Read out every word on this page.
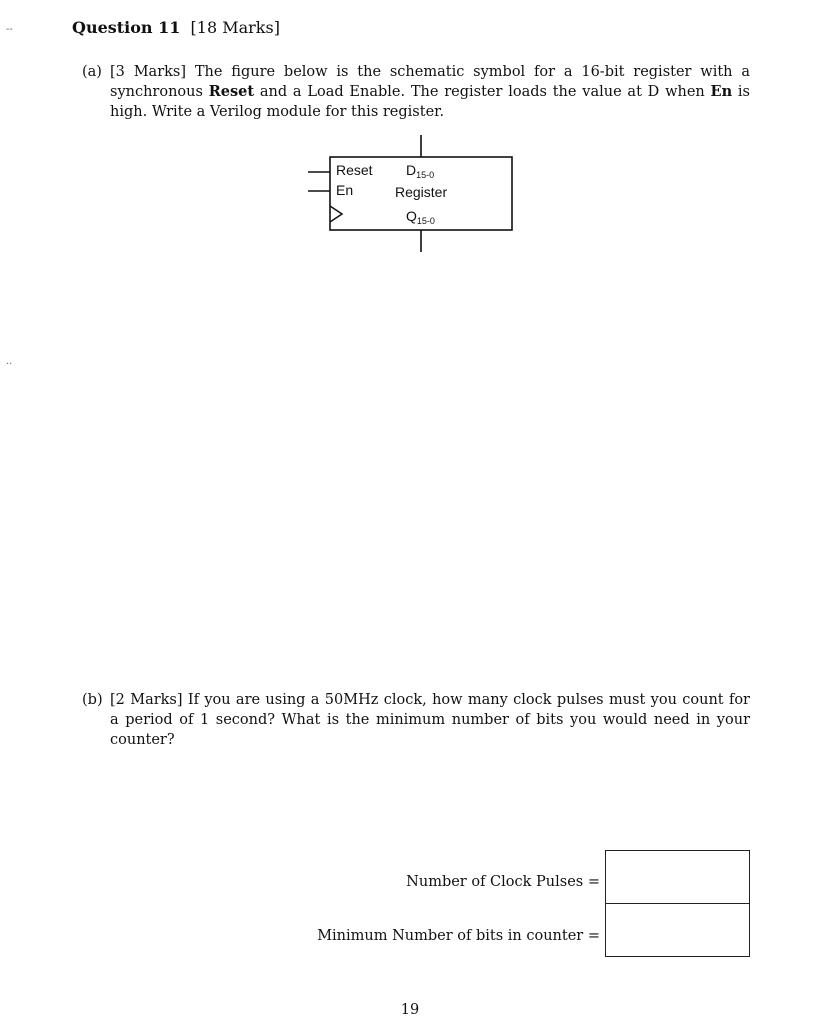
--
..
Question 11 [18 Marks]
(a) [3 Marks] The figure below is the schematic symbol for a 16-bit register with a synchronous Reset and a Load Enable. The register loads the value at D when En is high. Write a Verilog module for this register.
Reset
En
$D_{15-0}$
Register
$Q_{15-0}$
(b) [2 Marks] If you are using a 50MHz clock, how many clock pulses must you count for a period of 1 second? What is the minimum number of bits you would need in your counter?
Number of Clock Pulses =
Minimum Number of bits in counter =
19
